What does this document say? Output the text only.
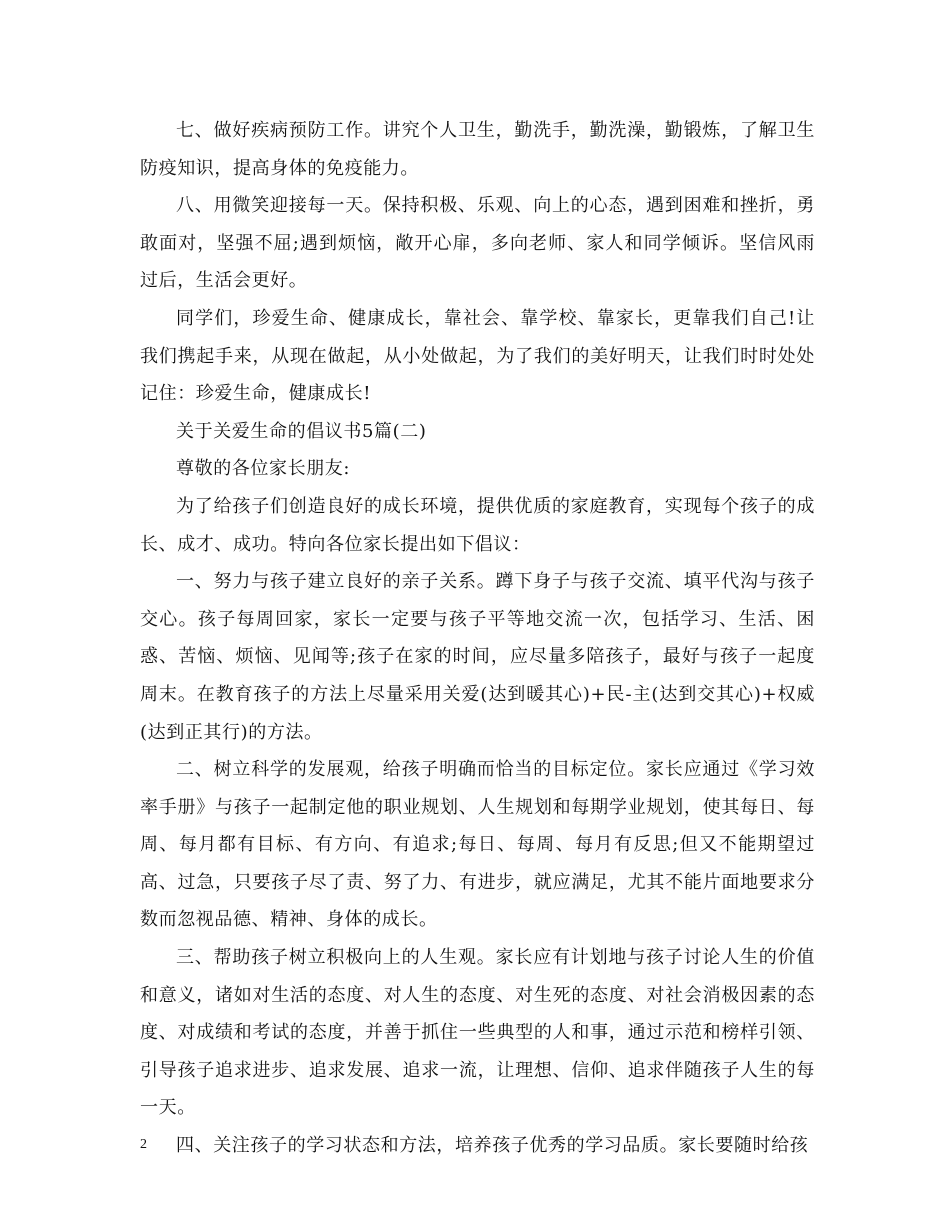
七、做好疾病预防工作。讲究个人卫生，勤洗手，勤洗澡，勤锻炼，了解卫生防疫知识，提高身体的免疫能力。

八、用微笑迎接每一天。保持积极、乐观、向上的心态，遇到困难和挫折，勇敢面对，坚强不屈;遇到烦恼，敞开心扉，多向老师、家人和同学倾诉。坚信风雨过后，生活会更好。

同学们，珍爱生命、健康成长，靠社会、靠学校、靠家长，更靠我们自己!让我们携起手来，从现在做起，从小处做起，为了我们的美好明天，让我们时时处处记住：珍爱生命，健康成长!

关于关爱生命的倡议书5篇(二)

尊敬的各位家长朋友:

为了给孩子们创造良好的成长环境，提供优质的家庭教育，实现每个孩子的成长、成才、成功。特向各位家长提出如下倡议：

一、努力与孩子建立良好的亲子关系。蹲下身子与孩子交流、填平代沟与孩子交心。孩子每周回家，家长一定要与孩子平等地交流一次，包括学习、生活、困惑、苦恼、烦恼、见闻等;孩子在家的时间，应尽量多陪孩子，最好与孩子一起度周末。在教育孩子的方法上尽量采用关爱(达到暖其心)+民-主(达到交其心)+权威(达到正其行)的方法。

二、树立科学的发展观，给孩子明确而恰当的目标定位。家长应通过《学习效率手册》与孩子一起制定他的职业规划、人生规划和每期学业规划，使其每日、每周、每月都有目标、有方向、有追求;每日、每周、每月有反思;但又不能期望过高、过急，只要孩子尽了责、努了力、有进步，就应满足，尤其不能片面地要求分数而忽视品德、精神、身体的成长。

三、帮助孩子树立积极向上的人生观。家长应有计划地与孩子讨论人生的价值和意义，诸如对生活的态度、对人生的态度、对生死的态度、对社会消极因素的态度、对成绩和考试的态度，并善于抓住一些典型的人和事，通过示范和榜样引领、引导孩子追求进步、追求发展、追求一流，让理想、信仰、追求伴随孩子人生的每一天。

四、关注孩子的学习状态和方法，培养孩子优秀的学习品质。家长要随时给孩

2
